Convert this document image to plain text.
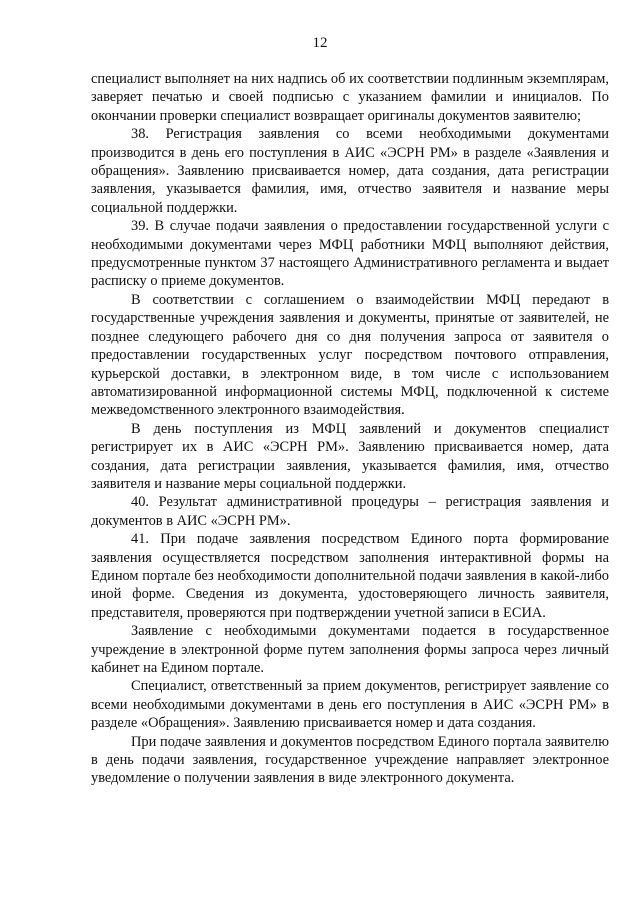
12

специалист выполняет на них надпись об их соответствии подлинным экземплярам, заверяет печатью и своей подписью с указанием фамилии и инициалов. По окончании проверки специалист возвращает оригиналы документов заявителю;

38. Регистрация заявления со всеми необходимыми документами производится в день его поступления в АИС «ЭСРН РМ» в разделе «Заявления и обращения». Заявлению присваивается номер, дата создания, дата регистрации заявления, указывается фамилия, имя, отчество заявителя и название меры социальной поддержки.

39. В случае подачи заявления о предоставлении государственной услуги с необходимыми документами через МФЦ работники МФЦ выполняют действия, предусмотренные пунктом 37 настоящего Административного регламента и выдает расписку о приеме документов.

В соответствии с соглашением о взаимодействии МФЦ передают в государственные учреждения заявления и документы, принятые от заявителей, не позднее следующего рабочего дня со дня получения запроса от заявителя о предоставлении государственных услуг посредством почтового отправления, курьерской доставки, в электронном виде, в том числе с использованием автоматизированной информационной системы МФЦ, подключенной к системе межведомственного электронного взаимодействия.

В день поступления из МФЦ заявлений и документов специалист регистрирует их в АИС «ЭСРН РМ». Заявлению присваивается номер, дата создания, дата регистрации заявления, указывается фамилия, имя, отчество заявителя и название меры социальной поддержки.

40. Результат административной процедуры – регистрация заявления и документов в АИС «ЭСРН РМ».

41. При подаче заявления посредством Единого порта формирование заявления осуществляется посредством заполнения интерактивной формы на Едином портале без необходимости дополнительной подачи заявления в какой-либо иной форме. Сведения из документа, удостоверяющего личность заявителя, представителя, проверяются при подтверждении учетной записи в ЕСИА.

Заявление с необходимыми документами подается в государственное учреждение в электронной форме путем заполнения формы запроса через личный кабинет на Едином портале.

Специалист, ответственный за прием документов, регистрирует заявление со всеми необходимыми документами в день его поступления в АИС «ЭСРН РМ» в разделе «Обращения». Заявлению присваивается номер и дата создания.

При подаче заявления и документов посредством Единого портала заявителю в день подачи заявления, государственное учреждение направляет электронное уведомление о получении заявления в виде электронного документа.
